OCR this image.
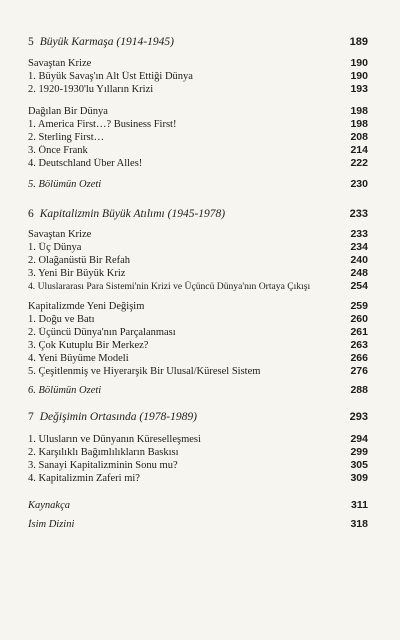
5 Büyük Karmaşa (1914-1945)	189
Savaştan Krize	190
1. Büyük Savaş'ın Alt Üst Ettiği Dünya	190
2. 1920-1930'lu Yılların Krizi	193
Dağılan Bir Dünya	198
1. America First…? Business First!	198
2. Sterling First…	208
3. Önce Frank	214
4. Deutschland Über Alles!	222
5. Bölümün Özeti	230
6 Kapitalizmin Büyük Atılımı (1945-1978)	233
Savaştan Krize	233
1. Üç Dünya	234
2. Olağanüstü Bir Refah	240
3. Yeni Bir Büyük Kriz	248
4. Uluslararası Para Sistemi'nin Krizi ve Üçüncü Dünya'nın Ortaya Çıkışı	254
Kapitalizmde Yeni Değişim	259
1. Doğu ve Batı	260
2. Üçüncü Dünya'nın Parçalanması	261
3. Çok Kutuplu Bir Merkez?	263
4. Yeni Büyüme Modeli	266
5. Çeşitlenmiş ve Hiyerarşik Bir Ulusal/Küresel Sistem	276
6. Bölümün Özeti	288
7 Değişimin Ortasında (1978-1989)	293
1. Ulusların ve Dünyanın Küreselleşmesi	294
2. Karşılıklı Bağımlılıkların Baskısı	299
3. Sanayi Kapitalizminin Sonu mu?	305
4. Kapitalizmin Zaferi mi?	309
Kaynakça	311
İsim Dizini	318
